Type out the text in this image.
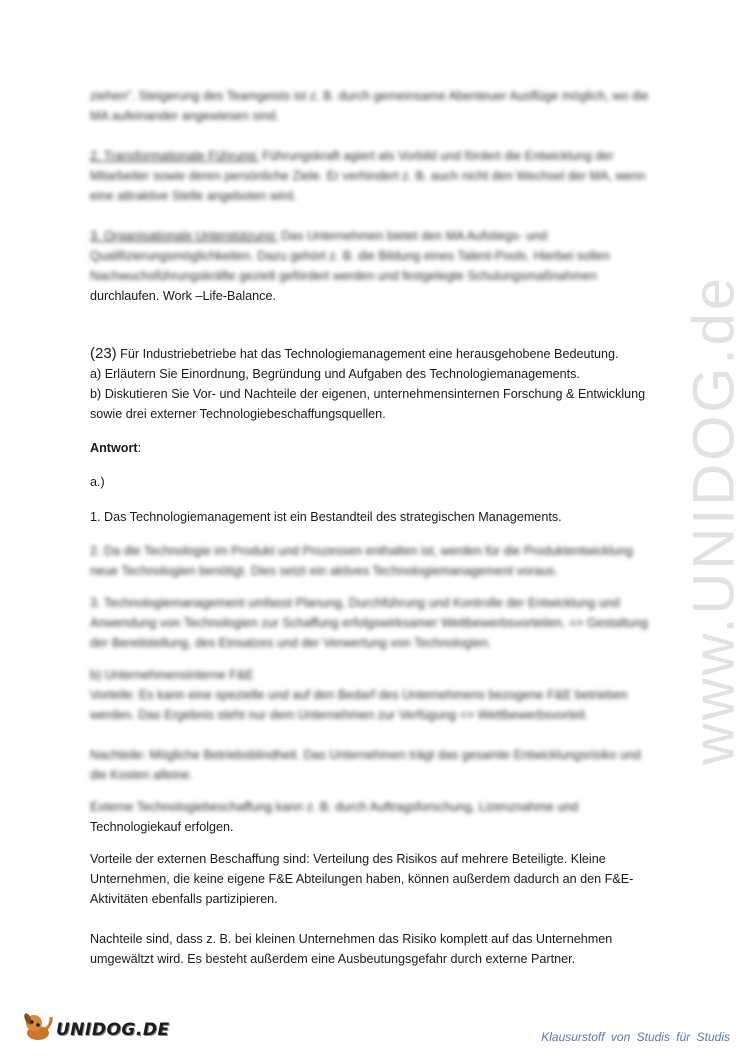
www.UNIDOG.de

ziehen". Steigerung des Teamgeists ist z. B. durch gemeinsame Abenteuer Ausflüge möglich, wo die MA aufeinander angewiesen sind.

2. Transformationale Führung: Führungskraft agiert als Vorbild und fördert die Entwicklung der Mitarbeiter sowie deren persönliche Ziele. Er verhindert z. B. auch nicht den Wechsel der MA, wenn eine attraktive Stelle angeboten wird.

3. Organisationale Unterstützung: Das Unternehmen bietet den MA Aufstiegs- und Qualifizierungsmöglichkeiten. Dazu gehört z. B. die Bildung eines Talent-Pools. Hierbei sollen Nachwuchsführungskräfte gezielt gefördert werden und festgelegte Schulungsmaßnahmen

durchlaufen. Work –Life-Balance.

(23) Für Industriebetriebe hat das Technologiemanagement eine herausgehobene Bedeutung.
a) Erläutern Sie Einordnung, Begründung und Aufgaben des Technologiemanagements.
b) Diskutieren Sie Vor- und Nachteile der eigenen, unternehmensinternen Forschung & Entwicklung sowie drei externer Technologiebeschaffungsquellen.

Antwort:

a.)

1. Das Technologiemanagement ist ein Bestandteil des strategischen Managements.

2. Da die Technologie im Produkt und Prozessen enthalten ist, werden für die Produktentwicklung neue Technologien benötigt. Dies setzt ein aktives Technologiemanagement voraus.

3. Technologiemanagement umfasst Planung, Durchführung und Kontrolle der Entwicklung und Anwendung von Technologien zur Schaffung erfolgswirksamer Wettbewerbsvorteilen. => Gestaltung der Bereitstellung, des Einsatzes und der Verwertung von Technologien.

b) Unternehmensinterne F&E

Vorteile: Es kann eine spezielle und auf den Bedarf des Unternehmens bezogene F&E betrieben werden. Das Ergebnis steht nur dem Unternehmen zur Verfügung => Wettbewerbsvorteil.

Nachteile: Mögliche Betriebsblindheit. Das Unternehmen trägt das gesamte Entwicklungsrisiko und die Kosten alleine.

Externe Technologiebeschaffung kann z. B. durch Auftragsforschung, Lizenznahme und

Technologiekauf erfolgen.

Vorteile der externen Beschaffung sind: Verteilung des Risikos auf mehrere Beteiligte. Kleine Unternehmen, die keine eigene F&E Abteilungen haben, können außerdem dadurch an den F&E-Aktivitäten ebenfalls partizipieren.

Nachteile sind, dass z. B. bei kleinen Unternehmen das Risiko komplett auf das Unternehmen umgewältzt wird. Es besteht außerdem eine Ausbeutungsgefahr durch externe Partner.

UNIDOG.DE	Klausurstoff von Studis für Studis
